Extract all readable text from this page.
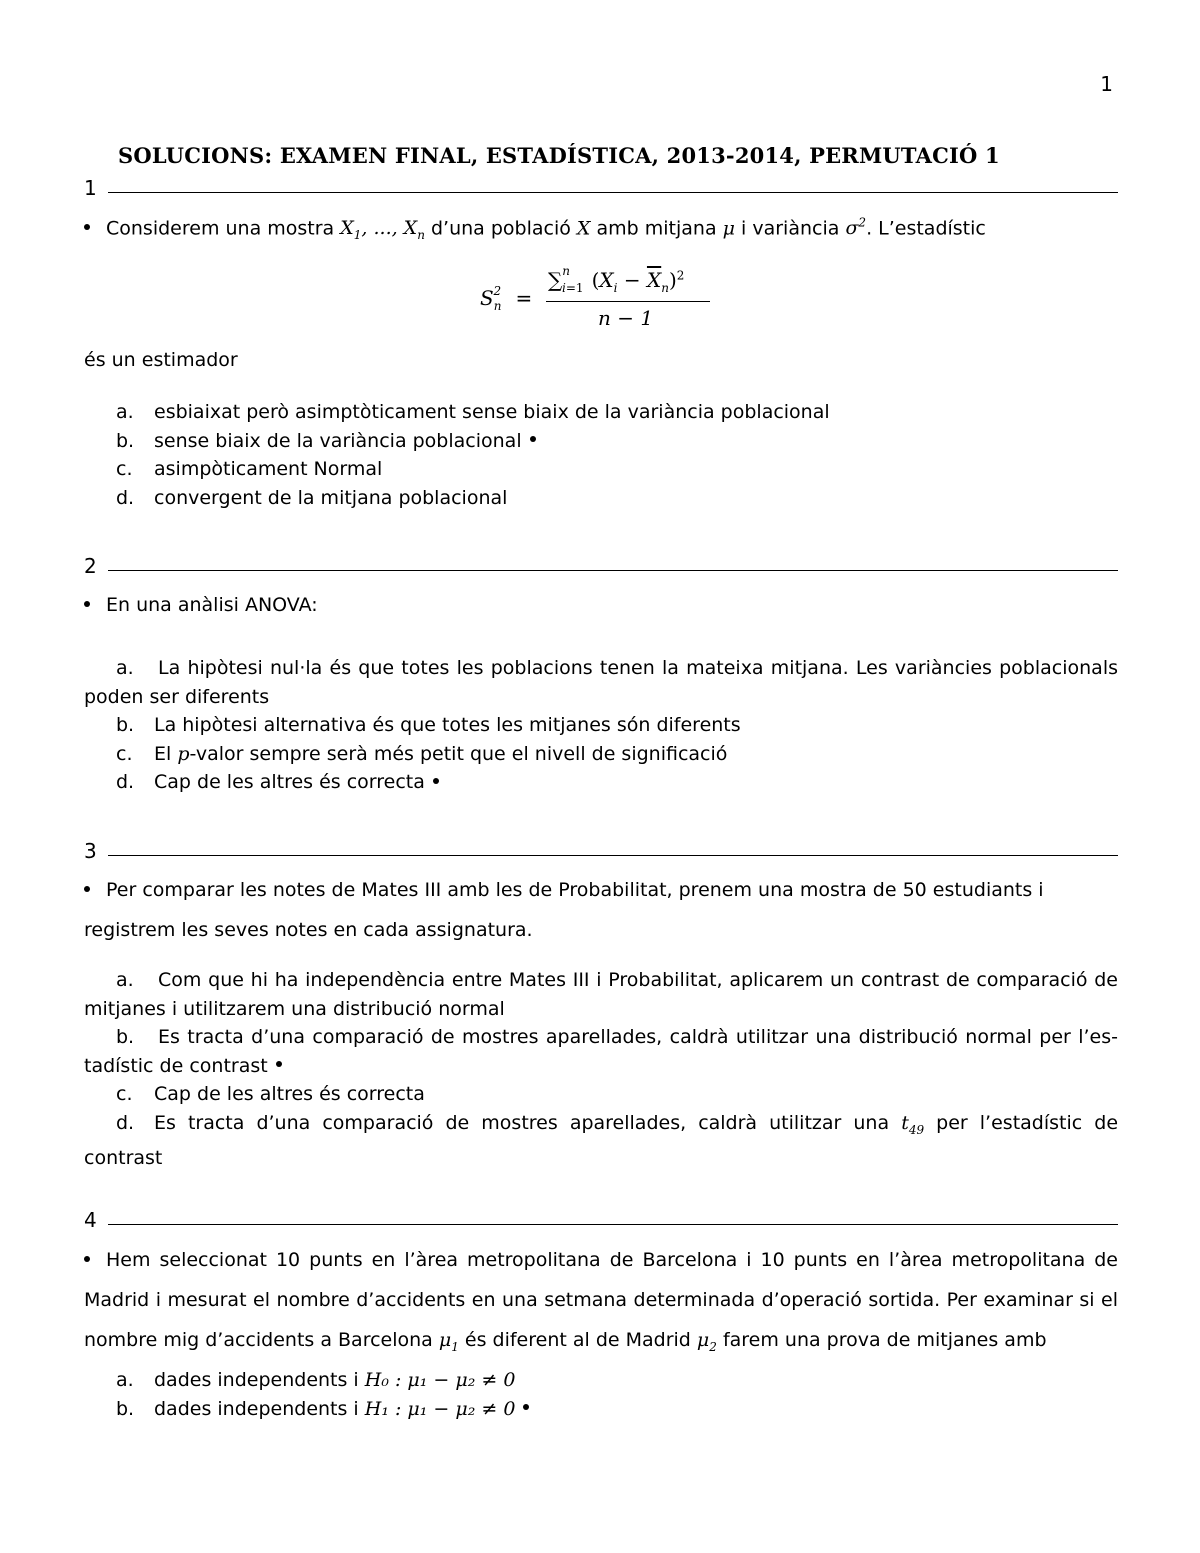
1
SOLUCIONS: EXAMEN FINAL, ESTADÍSTICA, 2013-2014, PERMUTACIÓ 1
1
Considerem una mostra $X_1$, ..., $X_n$ d’una població X amb mitjana μ i variància $\sigma^2$. L’estadístic
$S_n^2$ =
∑$^n_{i=1}$ $(X_i - \overline{X}_n)^2$
n − 1
és un estimador
a. esbiaixat però asimptòticament sense biaix de la variància poblacional
b. sense biaix de la variància poblacional
c. asimpòticament Normal
d. convergent de la mitjana poblacional
2
En una anàlisi ANOVA:
a. La hipòtesi nul·la és que totes les poblacions tenen la mateixa mitjana. Les variàncies poblacionals poden ser diferents
b. La hipòtesi alternativa és que totes les mitjanes són diferents
c. El p-valor sempre serà més petit que el nivell de significació
d. Cap de les altres és correcta
3
Per comparar les notes de Mates III amb les de Probabilitat, prenem una mostra de 50 estudiants i registrem les seves notes en cada assignatura.
a. Com que hi ha independència entre Mates III i Probabilitat, aplicarem un contrast de comparació de mitjanes i utilitzarem una distribució normal
b. Es tracta d’una comparació de mostres aparellades, caldrà utilitzar una distribució normal per l’es-tadístic de contrast
c. Cap de les altres és correcta
d. Es tracta d’una comparació de mostres aparellades, caldrà utilitzar una $t_{49}$ per l’estadístic de contrast
4
Hem seleccionat 10 punts en l’àrea metropolitana de Barcelona i 10 punts en l’àrea metropolitana de Madrid i mesurat el nombre d’accidents en una setmana determinada d’operació sortida. Per examinar si el nombre mig d’accidents a Barcelona $\mu_1$ és diferent al de Madrid $\mu_2$ farem una prova de mitjanes amb
a. dades independents i H₀ : μ₁ − μ₂ ≠ 0
b. dades independents i H₁ : μ₁ − μ₂ ≠ 0
